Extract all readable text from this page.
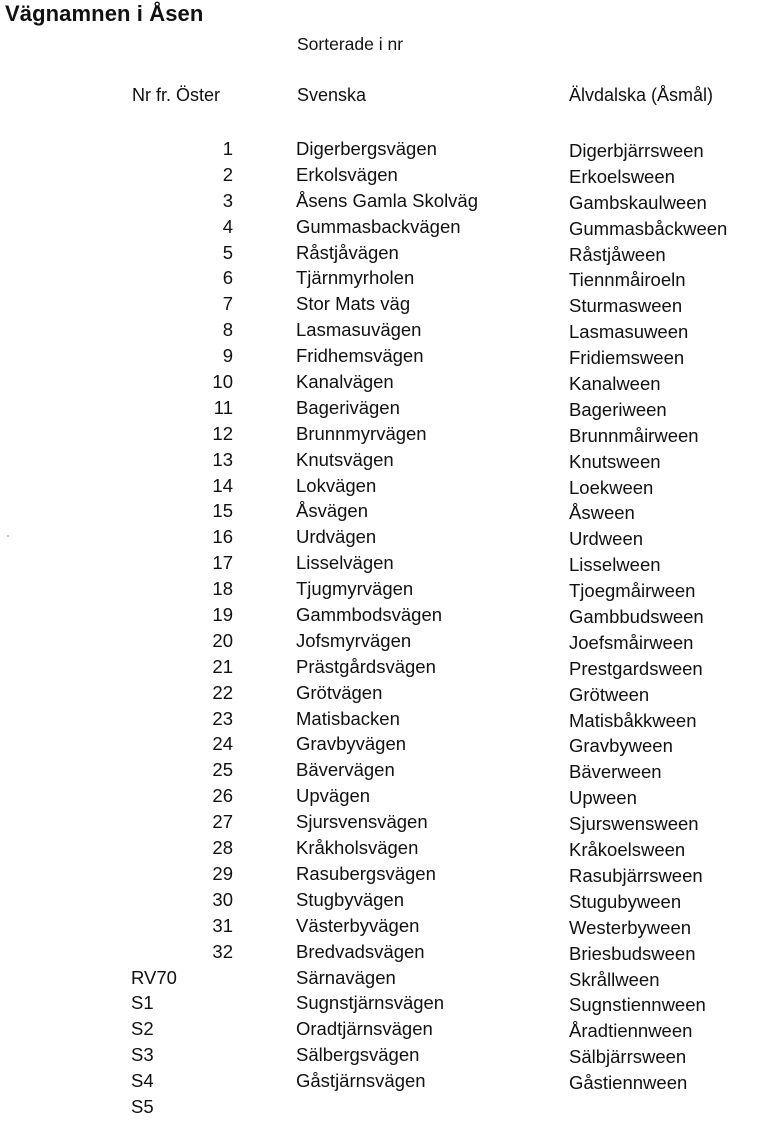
Vägnamnen i Åsen
Sorterade i nr
Nr fr. Öster	Svenska	Älvdalska (Åsmål)
1	Digerbergsvägen	Digerbjärrsween
2	Erkolsvägen	Erkoelsween
3	Åsens Gamla Skolväg	Gambskaulween
4	Gummasbackvägen	Gummasbåckween
5	Råstjåvägen	Råstjåween
6	Tjärnmyrholen	Tiennmåiroeln
7	Stor Mats väg	Sturmasween
8	Lasmasuvägen	Lasmasuween
9	Fridhemsvägen	Fridiemsween
10	Kanalvägen	Kanalween
11	Bagerivägen	Bageriween
12	Brunnmyrvägen	Brunnmåirween
13	Knutsvägen	Knutsween
14	Lokvägen	Loekween
15	Åsvägen	Åsween
16	Urdvägen	Urdween
17	Lisselvägen	Lisselween
18	Tjugmyrvägen	Tjoegmåirween
19	Gammbodsvägen	Gambbudsween
20	Jofsmyrvägen	Joefsmåirween
21	Prästgårdsvägen	Prestgardsween
22	Grötvägen	Grötween
23	Matisbacken	Matisbåkkween
24	Gravbyvägen	Gravbyween
25	Bävervägen	Bäverween
26	Upvägen	Upween
27	Sjursvensvägen	Sjurswensween
28	Kråkholsvägen	Kråkoelsween
29	Rasubergsvägen	Rasubjärrsween
30	Stugbyvägen	Stugubyween
31	Västerbyvägen	Westerbyween
32	Bredvadsvägen	Briesbudsween
RV70	Särnavägen	Skrållween
S1	Sugnstjärnsvägen	Sugnstiennween
S2	Oradtjärnsvägen	Åradtiennween
S3	Sälbergsvägen	Sälbjärrsween
S4	Gåstjärnsvägen	Gåstiennween
S5
